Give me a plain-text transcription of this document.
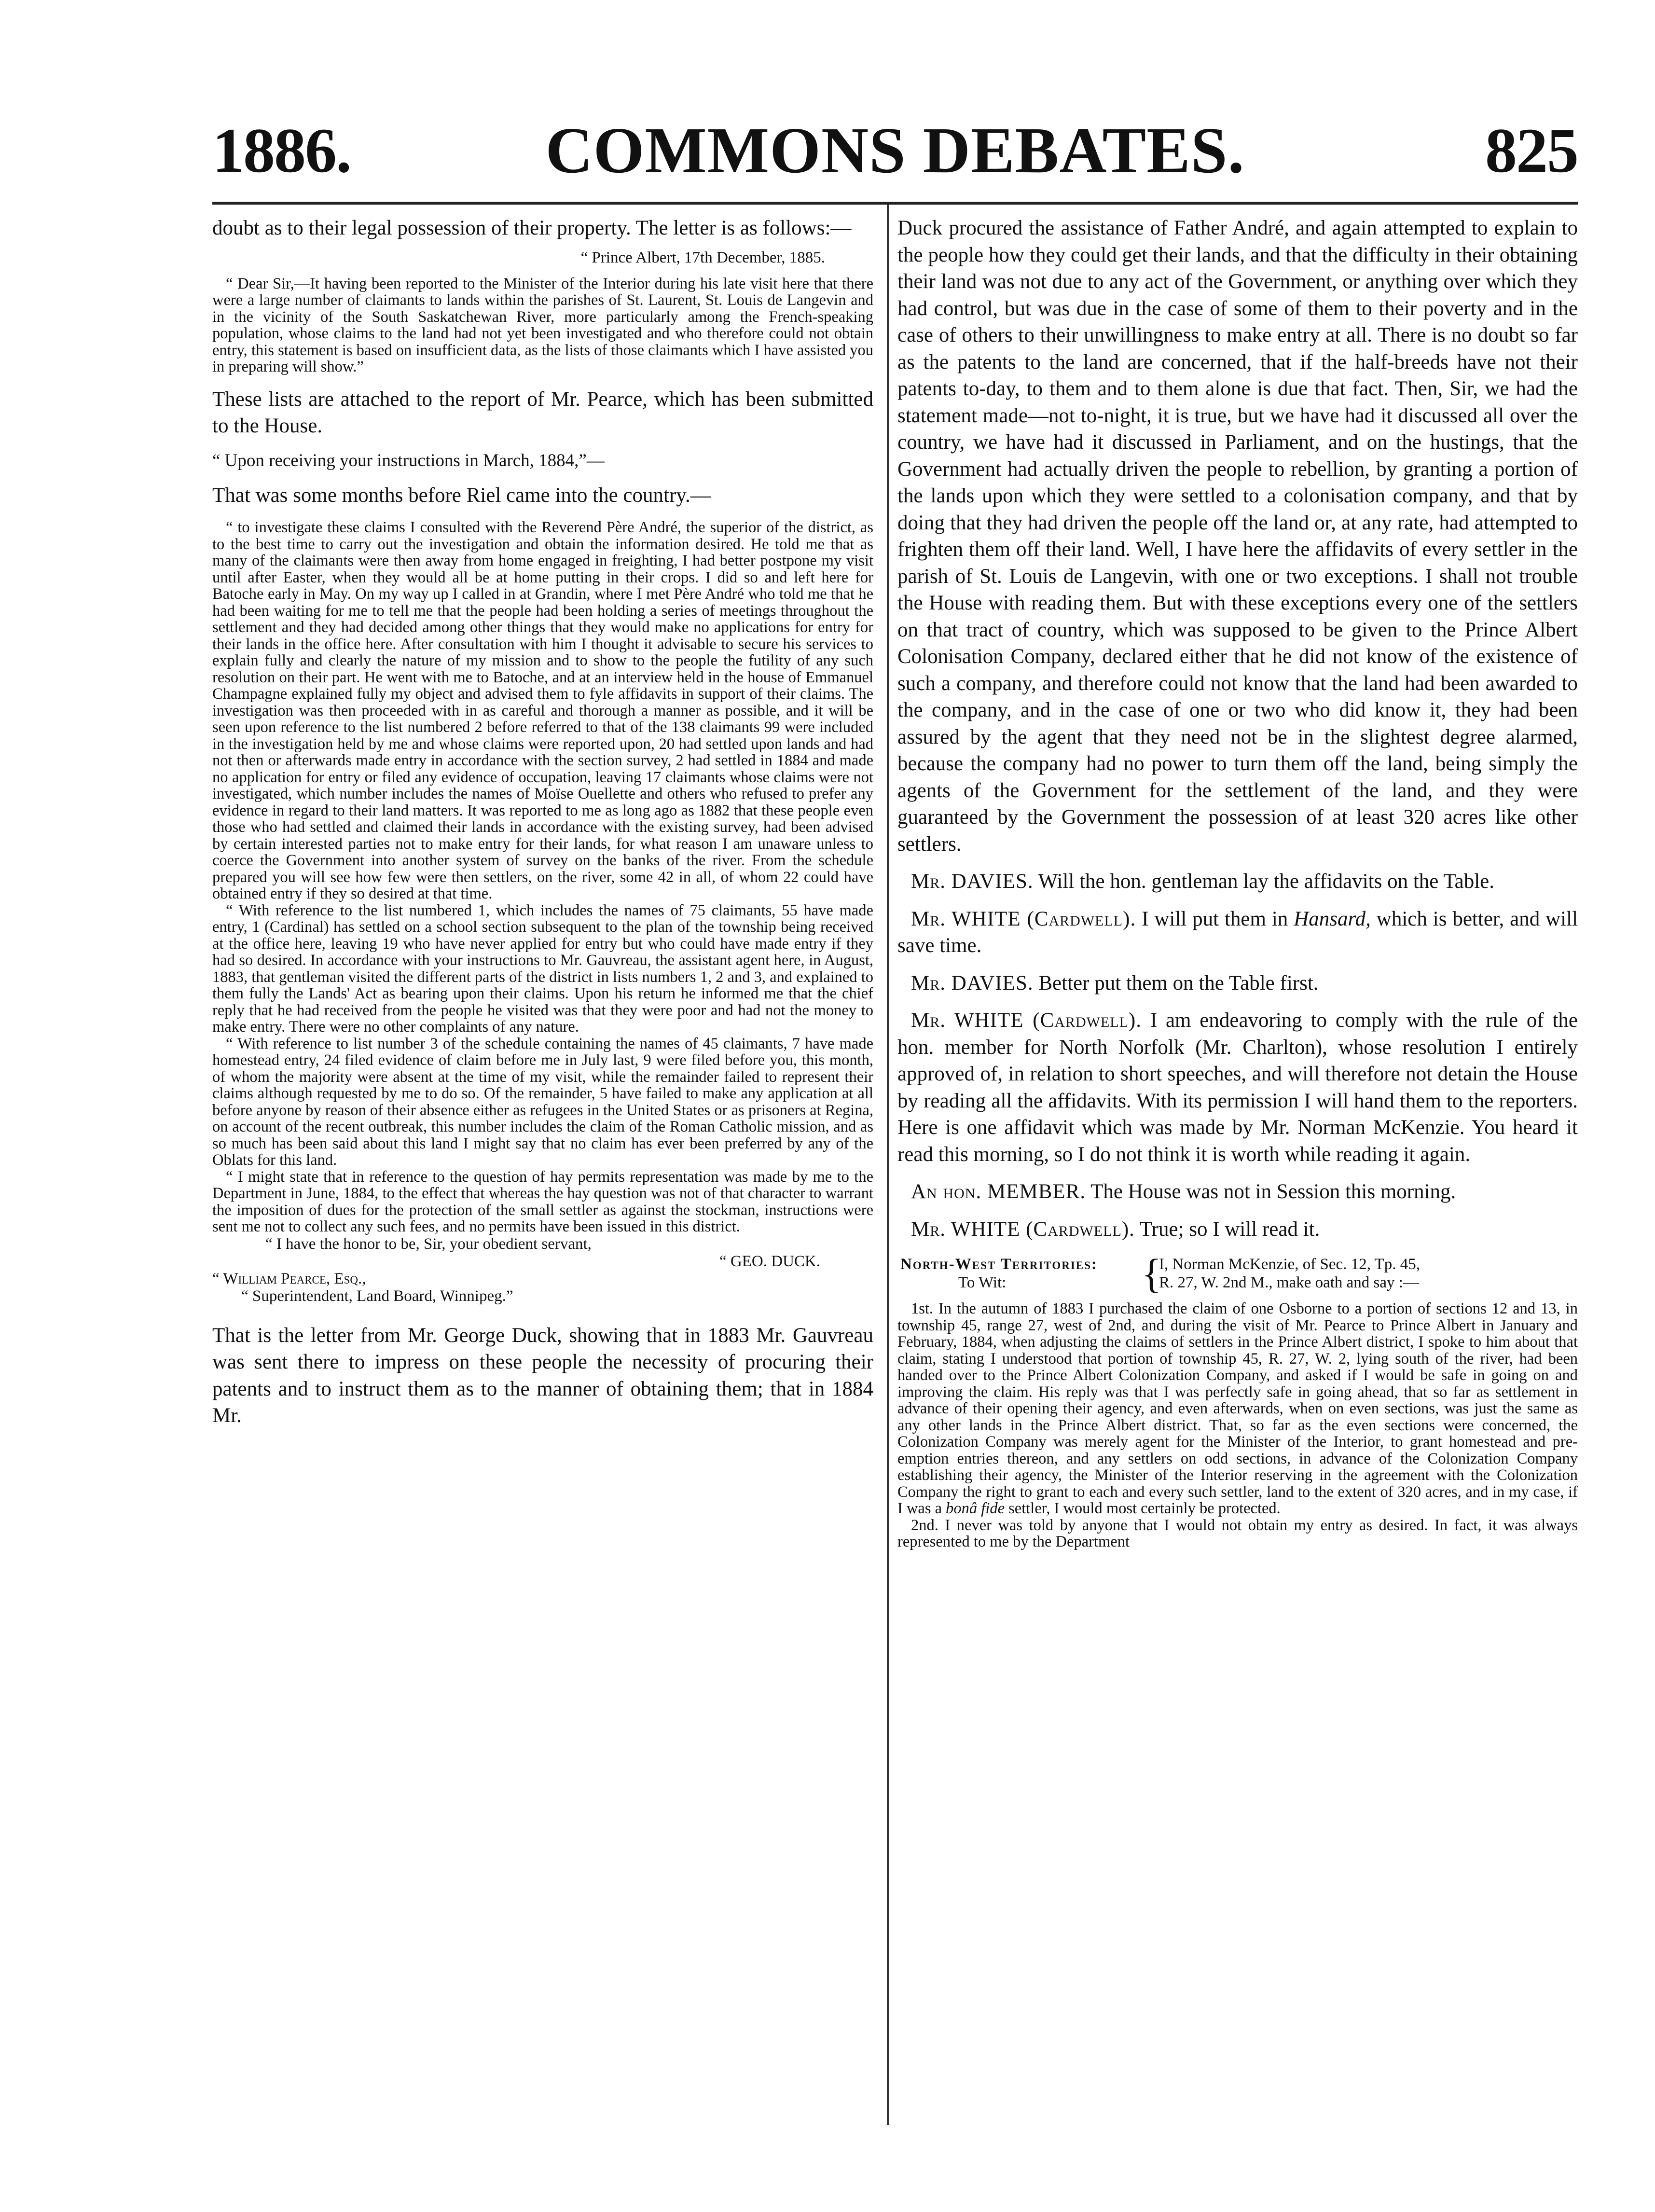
COMMONS DEBATES.
1886.	825

doubt as to their legal possession of their property. The letter is as follows:—

“ Prince Albert, 17th December, 1885.

“ Dear Sir,—It having been reported to the Minister of the Interior during his late visit here that there were a large number of claimants to lands within the parishes of St. Laurent, St. Louis de Langevin and in the vicinity of the South Saskatchewan River, more particularly among the French-speaking population, whose claims to the land had not yet been investigated and who therefore could not obtain entry, this statement is based on insufficient data, as the lists of those claimants which I have assisted you in preparing will show.”

These lists are attached to the report of Mr. Pearce, which has been submitted to the House.

“ Upon receiving your instructions in March, 1884,”—

That was some months before Riel came into the country.—

“ to investigate these claims I consulted with the Reverend Père André, the superior of the district, as to the best time to carry out the investigation and obtain the information desired. He told me that as many of the claimants were then away from home engaged in freighting, I had better postpone my visit until after Easter, when they would all be at home putting in their crops. I did so and left here for Batoche early in May. On my way up I called in at Grandin, where I met Père André who told me that he had been waiting for me to tell me that the people had been holding a series of meetings throughout the settlement and they had decided among other things that they would make no applications for entry for their lands in the office here. After consultation with him I thought it advisable to secure his services to explain fully and clearly the nature of my mission and to show to the people the futility of any such resolution on their part. He went with me to Batoche, and at an interview held in the house of Emmanuel Champagne explained fully my object and advised them to fyle affidavits in support of their claims. The investigation was then proceeded with in as careful and thorough a manner as possible, and it will be seen upon reference to the list numbered 2 before referred to that of the 138 claimants 99 were included in the investigation held by me and whose claims were reported upon, 20 had settled upon lands and had not then or afterwards made entry in accordance with the section survey, 2 had settled in 1884 and made no application for entry or filed any evidence of occupation, leaving 17 claimants whose claims were not investigated, which number includes the names of Moïse Ouellette and others who refused to prefer any evidence in regard to their land matters. It was reported to me as long ago as 1882 that these people even those who had settled and claimed their lands in accordance with the existing survey, had been advised by certain interested parties not to make entry for their lands, for what reason I am unaware unless to coerce the Government into another system of survey on the banks of the river. From the schedule prepared you will see how few were then settlers, on the river, some 42 in all, of whom 22 could have obtained entry if they so desired at that time.

“ With reference to the list numbered 1, which includes the names of 75 claimants, 55 have made entry, 1 (Cardinal) has settled on a school section subsequent to the plan of the township being received at the office here, leaving 19 who have never applied for entry but who could have made entry if they had so desired. In accordance with your instructions to Mr. Gauvreau, the assistant agent here, in August, 1883, that gentleman visited the different parts of the district in lists numbers 1, 2 and 3, and explained to them fully the Lands' Act as bearing upon their claims. Upon his return he informed me that the chief reply that he had received from the people he visited was that they were poor and had not the money to make entry. There were no other complaints of any nature.

“ With reference to list number 3 of the schedule containing the names of 45 claimants, 7 have made homestead entry, 24 filed evidence of claim before me in July last, 9 were filed before you, this month, of whom the majority were absent at the time of my visit, while the remainder failed to represent their claims although requested by me to do so. Of the remainder, 5 have failed to make any application at all before anyone by reason of their absence either as refugees in the United States or as prisoners at Regina, on account of the recent outbreak, this number includes the claim of the Roman Catholic mission, and as so much has been said about this land I might say that no claim has ever been preferred by any of the Oblats for this land.

“ I might state that in reference to the question of hay permits representation was made by me to the Department in June, 1884, to the effect that whereas the hay question was not of that character to warrant the imposition of dues for the protection of the small settler as against the stockman, instructions were sent me not to collect any such fees, and no permits have been issued in this district.

“ I have the honor to be, Sir, your obedient servant,

“ GEO. DUCK.

“ William Pearce, Esq.,

“ Superintendent, Land Board, Winnipeg.”

That is the letter from Mr. George Duck, showing that in 1883 Mr. Gauvreau was sent there to impress on these people the necessity of procuring their patents and to instruct them as to the manner of obtaining them; that in 1884 Mr.

Duck procured the assistance of Father André, and again attempted to explain to the people how they could get their lands, and that the difficulty in their obtaining their land was not due to any act of the Government, or anything over which they had control, but was due in the case of some of them to their poverty and in the case of others to their unwillingness to make entry at all. There is no doubt so far as the patents to the land are concerned, that if the half-breeds have not their patents to-day, to them and to them alone is due that fact. Then, Sir, we had the statement made—not to-night, it is true, but we have had it discussed all over the country, we have had it discussed in Parliament, and on the hustings, that the Government had actually driven the people to rebellion, by granting a portion of the lands upon which they were settled to a colonisation company, and that by doing that they had driven the people off the land or, at any rate, had attempted to frighten them off their land. Well, I have here the affidavits of every settler in the parish of St. Louis de Langevin, with one or two exceptions. I shall not trouble the House with reading them. But with these exceptions every one of the settlers on that tract of country, which was supposed to be given to the Prince Albert Colonisation Company, declared either that he did not know of the existence of such a company, and therefore could not know that the land had been awarded to the company, and in the case of one or two who did know it, they had been assured by the agent that they need not be in the slightest degree alarmed, because the company had no power to turn them off the land, being simply the agents of the Government for the settlement of the land, and they were guaranteed by the Government the possession of at least 320 acres like other settlers.

Mr. DAVIES. Will the hon. gentleman lay the affidavits on the Table.

Mr. WHITE (Cardwell). I will put them in Hansard, which is better, and will save time.

Mr. DAVIES. Better put them on the Table first.

Mr. WHITE (Cardwell). I am endeavoring to comply with the rule of the hon. member for North Norfolk (Mr. Charlton), whose resolution I entirely approved of, in relation to short speeches, and will therefore not detain the House by reading all the affidavits. With its permission I will hand them to the reporters. Here is one affidavit which was made by Mr. Norman McKenzie. You heard it read this morning, so I do not think it is worth while reading it again.

An hon. MEMBER. The House was not in Session this morning.

Mr. WHITE (Cardwell). True; so I will read it.

North-West Territories:
To Wit:	{
I, Norman McKenzie, of Sec. 12, Tp. 45,
R. 27, W. 2nd M., make oath and say :—

1st. In the autumn of 1883 I purchased the claim of one Osborne to a portion of sections 12 and 13, in township 45, range 27, west of 2nd, and during the visit of Mr. Pearce to Prince Albert in January and February, 1884, when adjusting the claims of settlers in the Prince Albert district, I spoke to him about that claim, stating I understood that portion of township 45, R. 27, W. 2, lying south of the river, had been handed over to the Prince Albert Colonization Company, and asked if I would be safe in going on and improving the claim. His reply was that I was perfectly safe in going ahead, that so far as settlement in advance of their opening their agency, and even afterwards, when on even sections, was just the same as any other lands in the Prince Albert district. That, so far as the even sections were concerned, the Colonization Company was merely agent for the Minister of the Interior, to grant homestead and pre-emption entries thereon, and any settlers on odd sections, in advance of the Colonization Company establishing their agency, the Minister of the Interior reserving in the agreement with the Colonization Company the right to grant to each and every such settler, land to the extent of 320 acres, and in my case, if I was a bonâ fide settler, I would most certainly be protected.

2nd. I never was told by anyone that I would not obtain my entry as desired. In fact, it was always represented to me by the Department
